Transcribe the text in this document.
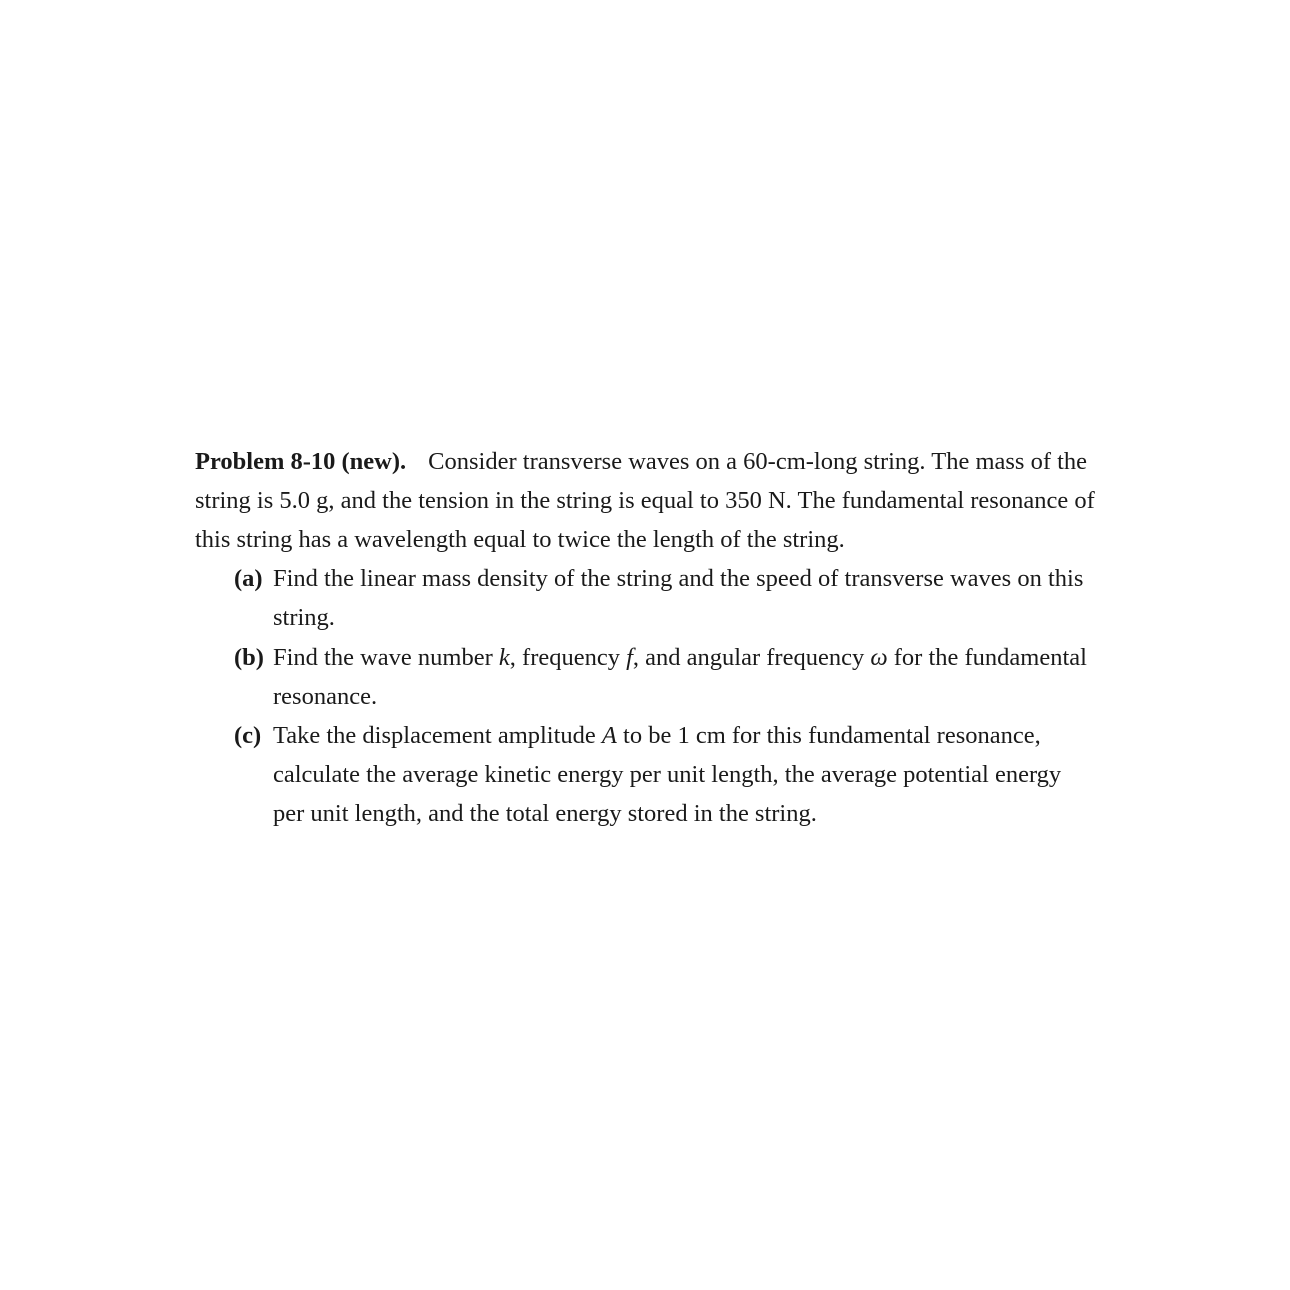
Problem 8-10 (new). Consider transverse waves on a 60-cm-long string. The mass of the string is 5.0 g, and the tension in the string is equal to 350 N. The fundamental resonance of this string has a wavelength equal to twice the length of the string.

(a) Find the linear mass density of the string and the speed of transverse waves on this string.
(b) Find the wave number k, frequency f, and angular frequency ω for the fundamental resonance.
(c) Take the displacement amplitude A to be 1 cm for this fundamental resonance, calculate the average kinetic energy per unit length, the average potential energy per unit length, and the total energy stored in the string.
